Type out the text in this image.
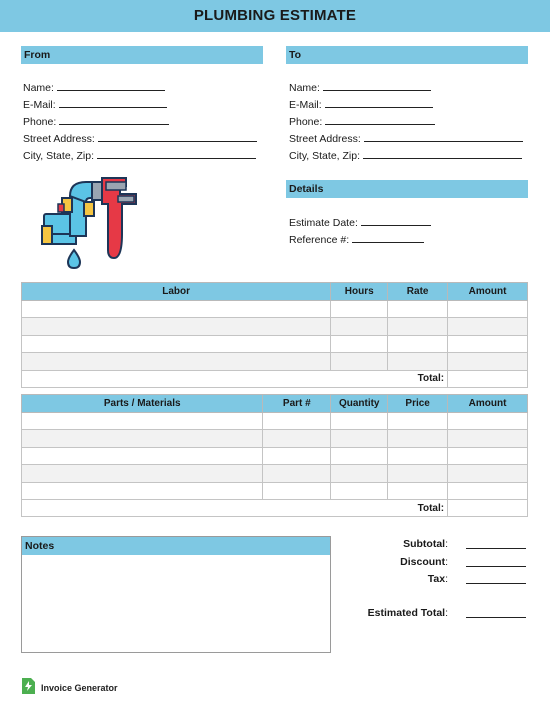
PLUMBING ESTIMATE
From
Name:
E-Mail:
Phone:
Street Address:
City, State, Zip:
To
Name:
E-Mail:
Phone:
Street Address:
City, State, Zip:
Details
Estimate Date:
Reference #:
Labor	Hours	Rate	Amount

Total:			
Parts / Materials	Part #	Quantity	Price	Amount

Total:				
Notes	Subtotal:
Discount:
Tax:
Estimated Total:
Invoice Generator
